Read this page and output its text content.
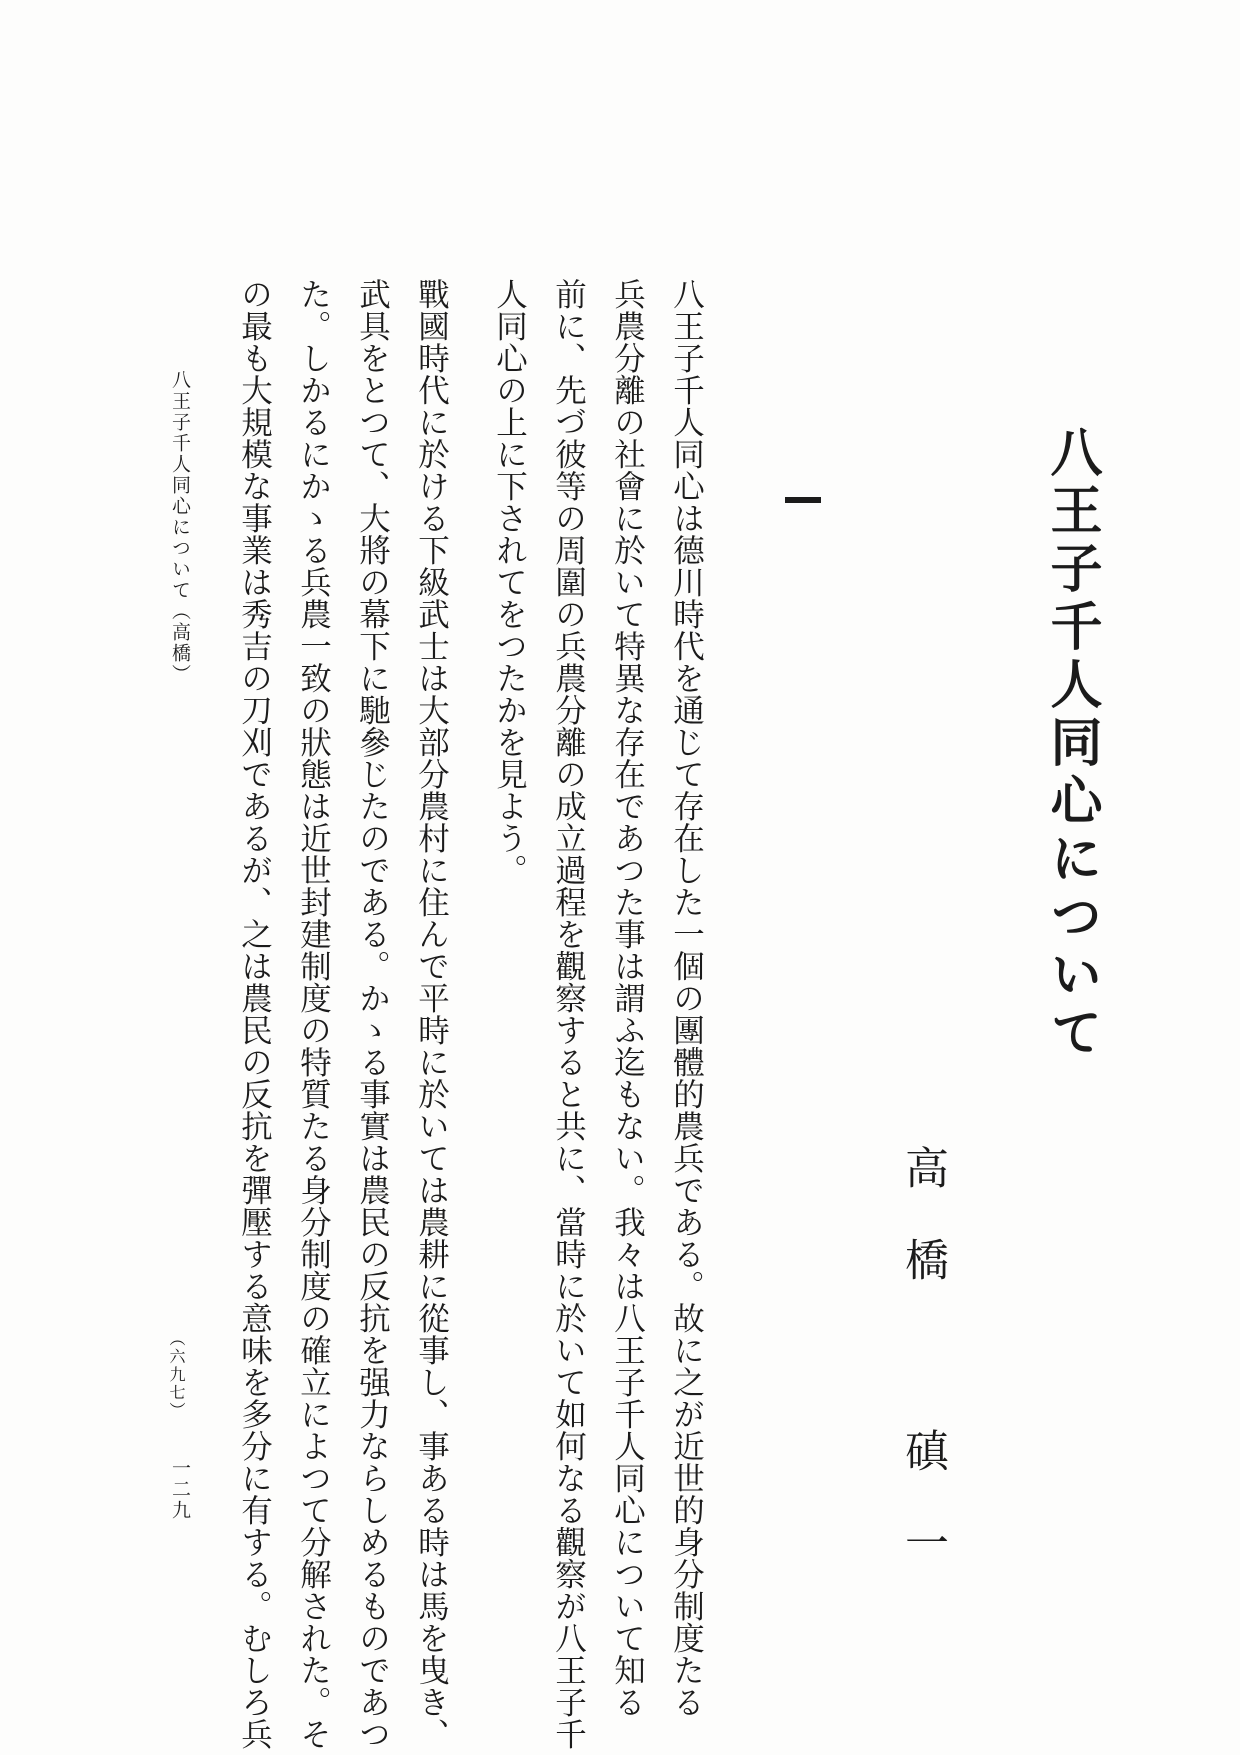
八王子千人同心について
高橋 磌一
八王子千人同心は德川時代を通じて存在した一個の團體的農兵である。故に之が近世的身分制度たる
兵農分離の社會に於いて特異な存在であつた事は謂ふ迄もない。我々は八王子千人同心について知る
前に、先づ彼等の周圍の兵農分離の成立過程を觀察すると共に、當時に於いて如何なる觀察が八王子千
人同心の上に下されてをつたかを見よう。
戰國時代に於ける下級武士は大部分農村に住んで平時に於いては農耕に從事し、事ある時は馬を曳き、
武具をとつて、大將の幕下に馳參じたのである。かゝる事實は農民の反抗を强力ならしめるものであつ
た。しかるにかゝる兵農一致の狀態は近世封建制度の特質たる身分制度の確立によつて分解された。そ
の最も大規模な事業は秀吉の刀刈であるが、之は農民の反抗を彈壓する意味を多分に有する。むしろ兵
八王子千人同心について（高橋）
（六九七）
一二九
